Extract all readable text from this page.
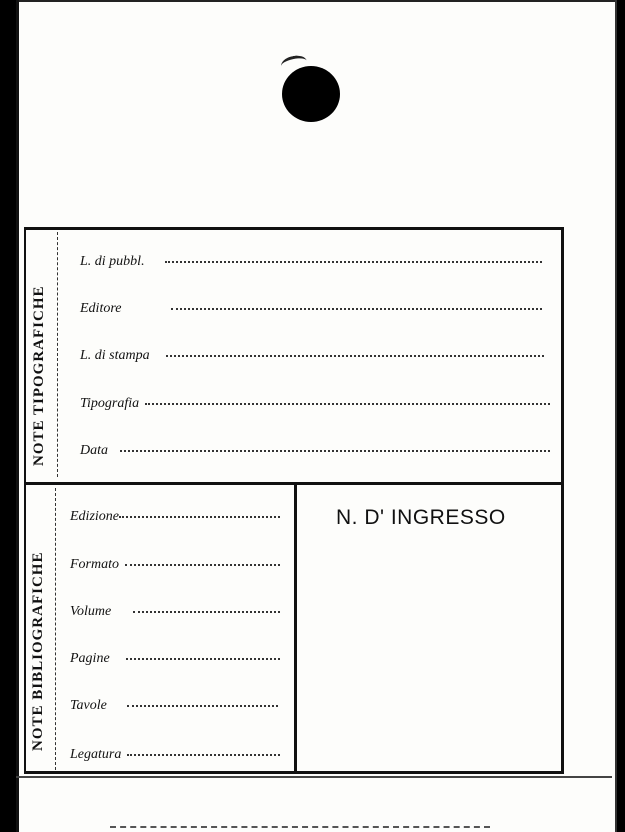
NOTE TIPOGRAFICHE
NOTE BIBLIOGRAFICHE
L. di pubbl.
Editore
L. di stampa
Tipografia
Data
Edizione
Formato
Volume
Pagine
Tavole
Legatura
N. D' INGRESSO
